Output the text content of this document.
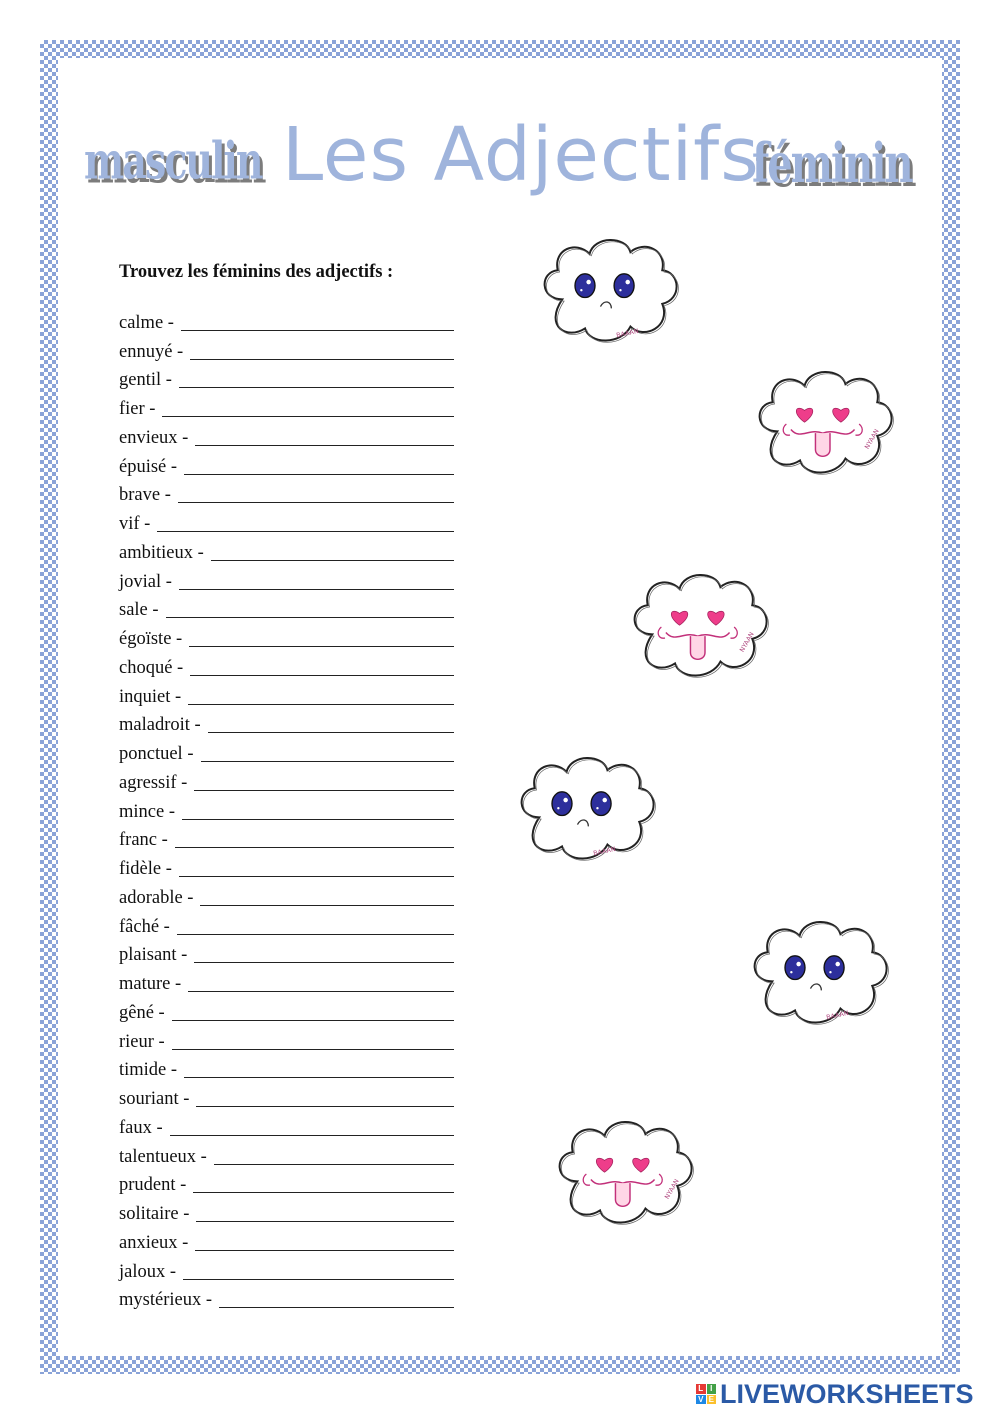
masculin Les Adjectifs
féminin
Trouvez les féminins des adjectifs :
calme -
ennuyé -
gentil -
fier -
envieux -
épuisé -
brave -
vif -
ambitieux -
jovial -
sale -
égoïste -
choqué -
inquiet -
maladroit -
ponctuel -
agressif -
mince -
franc -
fidèle -
adorable -
fâché -
plaisant -
mature -
gêné -
rieur -
timide -
souriant -
faux -
talentueux -
prudent -
solitaire -
anxieux -
jaloux -
mystérieux -
BAAAN
NYAAN
NYAAN
BAAAN
BAAAN
NYAAN
L I
V E LIVEWORKSHEETS
